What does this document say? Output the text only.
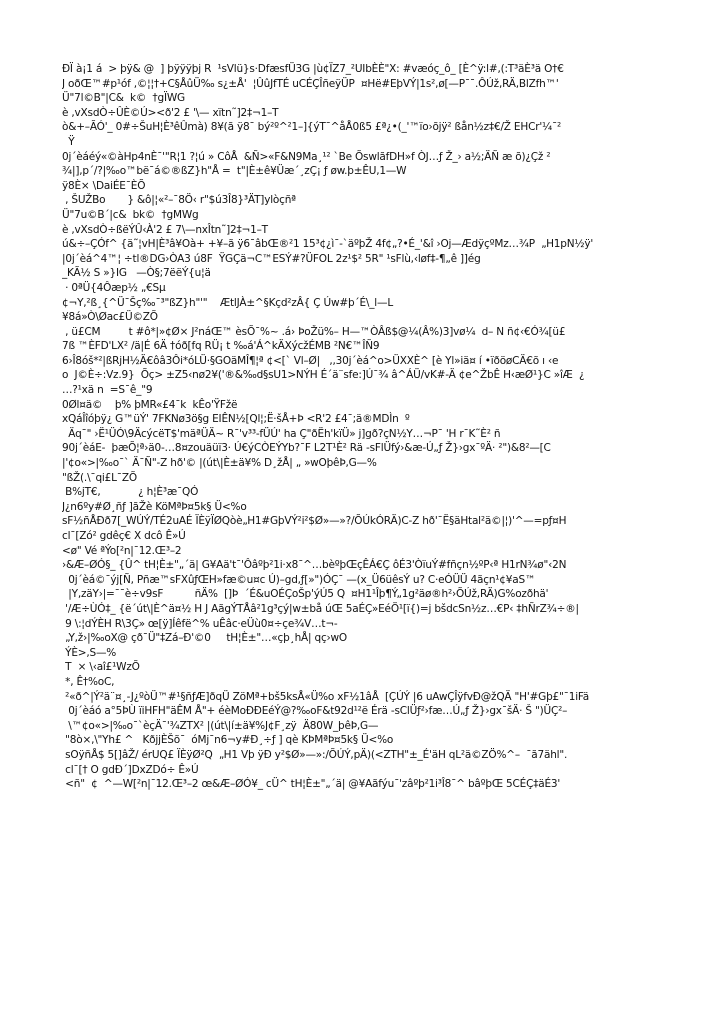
ÐÏ à¡1 á  > þÿ& @  ] þÿÿÿþj R  ¹sVlü}s·DfæsfÜ3G |ù¢ÏZ7_²UIbÈÈ"X: #væóç_ô_ [È^ÿ:l#,(:T³äÈ³ä O†€
J oðŒ™#p¹óf ,©¦¦†+C§ÅûÜ‰ s¿±Å'  ¦ÛûJfTÉ uCÉÇÎñeÿÜP  ¤Hë#EþVÝ|1s²,ø[—P¯¯.ÔÚž,RÄ,BlZfh™'
Ü"7l©B"|C&  k©  †gÏWG
è ,vXsdÒ÷ÛÈ©Ú><ð'2 £ '\— xïtn˜]2‡¬1–T
ò&+–ÃÓ'_ 0#÷ŠuH¦È³êÛmà) 8¥(ã ÿ8¯ bý²º^²1–]{ýT¯^åÅ0ß5 £ª¿•(_'™ïo›õjÿ² ßån½z‡€/Ž EHCr'¼¯²
Ÿ
0j´èáéý«©àHp4nÈ¯'"R¦1 ?¦ú » CôÅ  &Ñ>«F&N9Ma¸¹² `Be ÕswlãfDH»f ÒJ…ƒ Ž_› a½;ÄÑ æ õ)¿Çž ²
¾|],p´/?|‰o™bë¯á©®ßZ}h"Å =  t"|È±ê¥Üæ´¸zÇ¡ ƒ øw.þ±ÊU,1—W
ÿ8È× \DaiÉE¯ÈÕ
, ŠUŽBo       } &ô|¦«²–¯8Ö‹ r"$ú3Î8}³ÄT]ylòçñª
Ü"7u©B´|c&  bk©  †gMWg
è ,vXsdÒ÷ßëÝÛ‹À'2 £ 7\—nxÎtn˜]2‡¬1–T
ú&÷–ÇÓf^ {ä˜¦vH|È³â¥Oà+ +¥–ã ÿ6¯âbŒ®²1 15³¢¿ì¯-`äºþŽ 4f¢„?•É_'&î ›Oj—ÆdÿçºMz…¾P  „H1pN½ÿ'
|0j´èá^4™¦ ÷tl®DG›ÒA3 ú8F  ŸGÇä¬C™ESÝ#?ÜFOL 2z¹$² 5R" ¹sFlù,‹løf‡-¶„ê ]]ég
_KÃ½ S »}IG   —Ò§;7ëëÝ{u¦ä
· 0ªÜ{4Ôæp½ „€Sµ
¢¬Y,²ß¸{^Ü¯Šç‰¯³"ßZ}h"'"    ÆtlJÀ±^§Kçd²zÂ{ Ç Úw#þ´É\_l—L
¥8á»Ò\Øac£Ü©ZÕ
, ü£CM         t #ô*|»¢Ø× J²náŒ™ èsÕ¯%~ .á› ÞoŽü%– H—™ÒÂß$@¼(Â%)3]vø¼  d– N ñ¢‹€Ó¾[ü£
7ß ™ÈFD'LX² /ä|É 6Ä †óð[fq RÜ¡ t ‰á'Á^kÄXýcžÉMB ²N€™ÎÑ9
6›Î8óš*²|ßRjH½Ä€ôâ3Ôi*óLÜ·§GOäMÎ¶¦ª ¢<[` Vl–Ø|   ,,30j´èá^o>ÜXXÈ^ [è Yl»iä¤ í •ïðöøCÄ€õ ı ‹e
o  J©È÷:Vz.9}  Õç> ±Z5‹nø2¥('®&‰d§sU1>NÝH É´ä¨sfe:]Ú¯¾ â^ÁÜ/vK#-Ä ¢e^ŽbÊ H‹æØ¹}C »îÆ  ¿
…?¹xä n  =S¯ê_"9
0Øl¤ä©    þ% þMR«£4¯k  kÊo'ŸFžë
xQáÎîóþÿ¿ G™üÝ' 7FKNø3ö§g EIÊN½[Ql¦;Ë·šÅ+Þ <R'2 £4¯;ä®MDÌn  º
Äq¯" ›Ë¹ÜÓ\9ÄcýcëT$'mäªÜÄ~ R¯'v³³-fÜÚ' ha Ç"ðËh'kïÜ» j]gð?çN½Y…¬P¯ 'H r¯K˜È² ñ
90j´èáE-  þæÕ¦ª›ä0-…8¤zouäüï3· Ú€ýCÒEÝYb?¯F L2T¹È² Rä -sFlÜfý›&æ-Ú„ƒ Ž}›gx¯ºÄ· ²")&8²—[C
|'¢o«>|‰o¯` Ä¯Ñ"-Z hð'© |(út\|È±ä¥% D¸žÅ| „ »wOþêÞ,G—%
"ßŽ(.\¯qi£L¯ZÕ
B%jT€,            ¿ h¦È³æ¯QÓ
J¿n6ºy#Ø¸ñƒ ]ãŽè KöMªÞ¤5k§ Ü<%o
sF½ñÅÐð7[_WÚÝ/TÉ2uAÉ ÏÈÿÏØQòè„H1#GþVÝ²i²$Ø»—»?/ÕÚkÓRÄ)C-Z hð'¯Ë§äHtal²ä©|¦)'^—=pƒ¤H
cl¯[Zó² gdêç€ X dcô Ê»Ú
<ø" Vé ªÝo[²n|¯12.Œ³–2
›&Æ–ØÓ§_ {Û^ tH¦È±"„´ä| G¥Aä't¯'Ôâºþ²1i·x8¯^…bèºþŒçÊÁ€Ç ôÉ3'ÒïuÝ#fñçn½ºP‹ª H1rN¾ø"‹2N
0j´èá©¯ýj[Ñ, Pñæ™sFXûƒŒH»fæ©u¤c Ú)–gd,ƒ[»")ÓÇ¯ —(x_Ü6üêsÝ u? C·eÓÜÜ 4ãçn¹¢¥aS™
|Y,zäY›|=¯¯è÷v9sF          ñÄ%  []Þ  ´É&uOÉÇoŠp'ýÚ5 Q  ¤H1¹Îþ¶Ý„1g²äø®h²›ÕÚž,RÄ)G%ozðhä'
'/Æ÷ÙÓ‡_ {ë´út\|È^ä¤½ H J AãgÝTÅâ²1g³çý|w±bå úŒ 5aÉÇ»EéÖ¹[ï{)=j bšdcSn½z…€P‹ ‡hÑrZ¾÷®|
9 \:¦dÝÈH R\3Ç» œ[ÿ]Íêfë^% uÊâc·eÜù0¤÷çe¾V…t¬-
„Y,ž›|‰oX@ çð¯Ü"‡Zá–Ð'©0     tH¦È±"…«çþ¸hÅ| qç›wO
ÝÈ>,S—%
T  × \‹aî£¹WzÕ
*, Ê†%oC,
²«ð^|Ý²ä¨¤¸-J¿ºòÜ™#¹§ñƒÆ]ðqÜ ZöMª+bš5ksÅ«Ü%o xF½1âÅ  [ÇÚÝ |6 uAwÇÎÿfvÐ@žQÄ "H'#Gþ£"¯1iFä
0j´èáó a°5ÞÙ ïiHFH"äÊM Å"+ éèMoÐÐEéÝ@?‰oF&t92d¹²ë Érä -sClÜƒ²›fæ…Ú„ƒ Ž}›gx¯šÄ· Š ")ÜÇ²–
\™¢o«>|‰o¯`èçÄ¯'¾ZTX² |(út\|í±ä¥%J¢F¸zÿ  Ä80W_þêÞ,G—
"8ò×,\"Yh£ ^   KðjjÈŠõ¯  óMj¯n6¬y#Ð¸÷ƒ ] qè KÞMªÞ¤5k§ Ü<%o
sOÿñÅ$ 5[]âŽ/ érUQ£ ÏÈÿØ²Q  „H1 Vþ ÿÐ y²$Ø»—»:/ÕÚÝ,pÄ)(<ZTH"±_É'äH qL²ä©ZÖ%^–  ¯ã7ähl".
cl¯[† O gdÐ´]DxZDó÷ Ê»Ú
<ñ"  ¢  ^—W[²n|¯12.Œ³–2 œ&Æ–ØÓ¥_ cÜ^ tH¦È±"„´ä| @¥Aãfýu¯'zâºþ²1i³Î8¯^ bâºþŒ 5CÉÇ‡äÉ3'
